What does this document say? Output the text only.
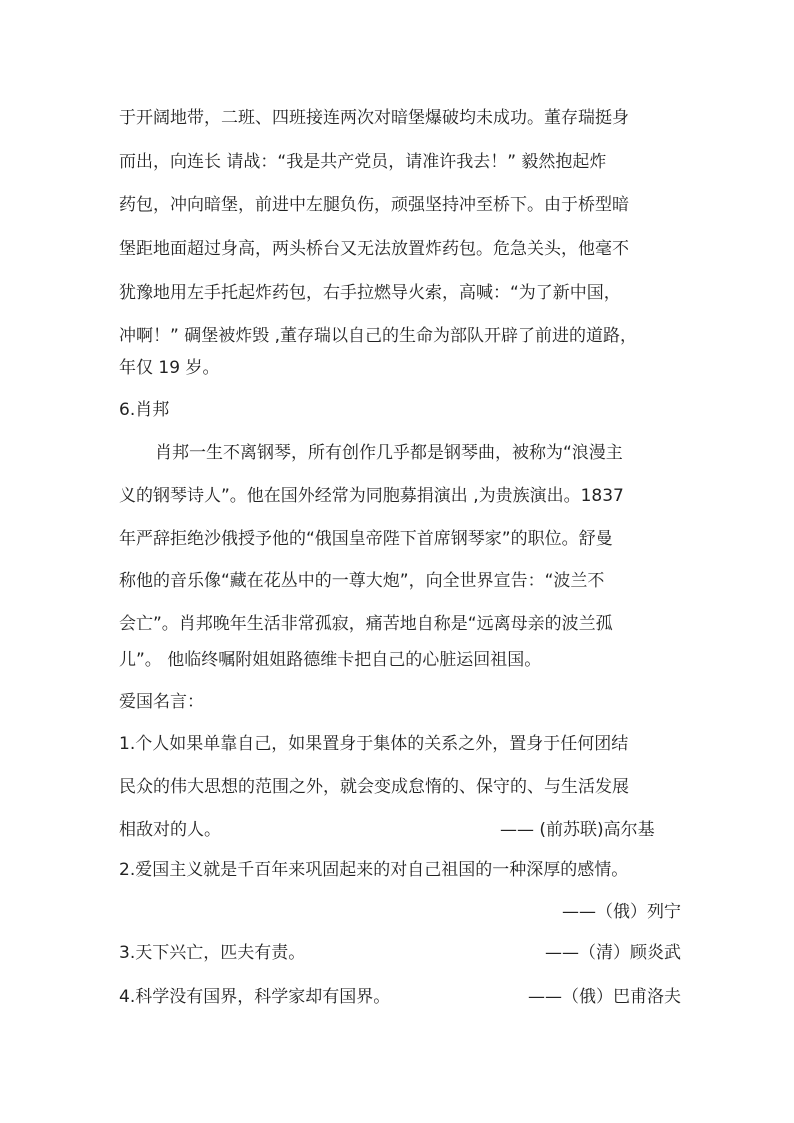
于开阔地带，二班、四班接连两次对暗堡爆破均未成功。董存瑞挺身
而出，向连长 请战：“我是共产党员，请准许我去！” 毅然抱起炸
药包，冲向暗堡，前进中左腿负伤，顽强坚持冲至桥下。由于桥型暗
堡距地面超过身高，两头桥台又无法放置炸药包。危急关头，他毫不
犹豫地用左手托起炸药包，右手拉燃导火索，高喊：“为了新中国，
冲啊！” 碉堡被炸毁 ,董存瑞以自己的生命为部队开辟了前进的道路，
年仅 19 岁。
6.肖邦
肖邦一生不离钢琴，所有创作几乎都是钢琴曲，被称为“浪漫主
义的钢琴诗人”。他在国外经常为同胞募捐演出 ,为贵族演出。1837
年严辞拒绝沙俄授予他的“俄国皇帝陛下首席钢琴家”的职位。舒曼
称他的音乐像“藏在花丛中的一尊大炮”，向全世界宣告：“波兰不
会亡”。肖邦晚年生活非常孤寂，痛苦地自称是“远离母亲的波兰孤
儿”。 他临终嘱附姐姐路德维卡把自己的心脏运回祖国。
爱国名言：
1.个人如果单靠自己，如果置身于集体的关系之外，置身于任何团结
民众的伟大思想的范围之外，就会变成怠惰的、保守的、与生活发展
相敌对的人。	—— (前苏联)高尔基
2.爱国主义就是千百年来巩固起来的对自己祖国的一种深厚的感情。
——（俄）列宁
3.天下兴亡，匹夫有责。	——（清）顾炎武
4.科学没有国界，科学家却有国界。	——（俄）巴甫洛夫
